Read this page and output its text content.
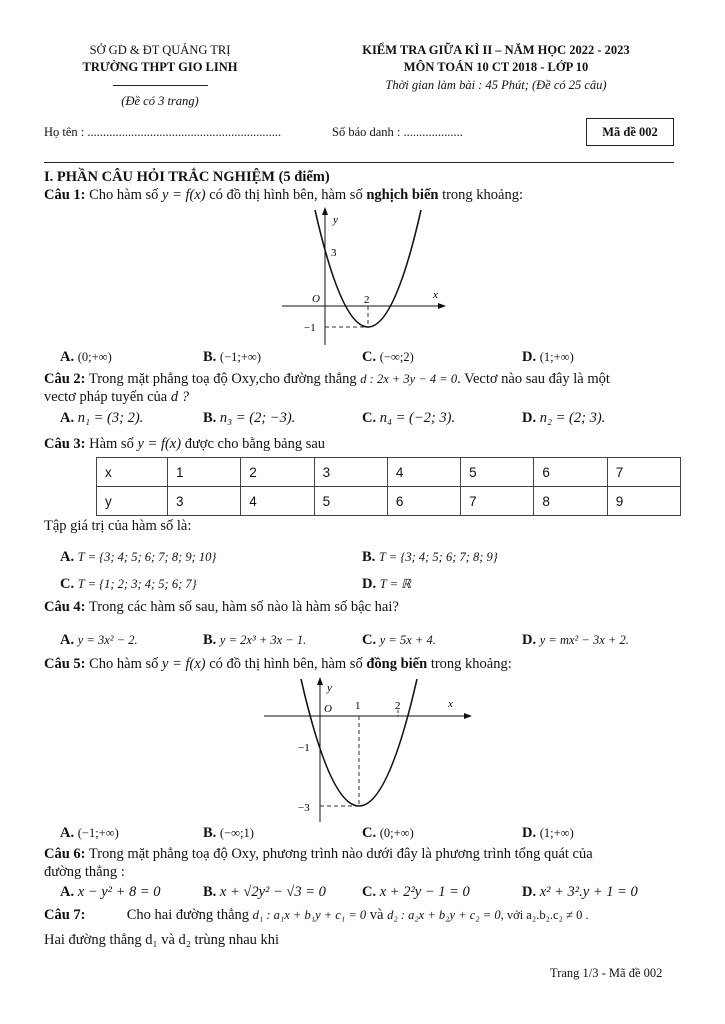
SỞ GD & ĐT QUẢNG TRỊ
TRƯỜNG THPT GIO LINH
(Đề có 3 trang)
KIỂM TRA GIỮA KÌ II – NĂM HỌC 2022 - 2023
MÔN TOÁN 10 CT 2018 - LỚP 10
Thời gian làm bài : 45 Phút; (Đề có 25 câu)
Họ tên : ..............................................................	Số báo danh : ...................	Mã đề 002
I. PHẦN CÂU HỎI TRẮC NGHIỆM (5 điểm)
Câu 1: Cho hàm số y = f(x) có đồ thị hình bên, hàm số nghịch biến trong khoảng:
y
x
O
3
2
−1
A. (0;+∞)	B. (−1;+∞)	C. (−∞;2)	D. (1;+∞)
Câu 2: Trong mặt phẳng toạ độ Oxy,cho đường thẳng d : 2x + 3y − 4 = 0. Vectơ nào sau đây là một
vectơ pháp tuyến của d ?
A. n₁ = (3; 2).	B. n₃ = (2; −3).	C. n₄ = (−2; 3).	D. n₂ = (2; 3).
Câu 3: Hàm số y = f(x) được cho bằng bảng sau
x	1	2	3	4	5	6	7
y	3	4	5	6	7	8	9
Tập giá trị của hàm số là:
A. T = {3; 4; 5; 6; 7; 8; 9; 10}	B. T = {3; 4; 5; 6; 7; 8; 9}
C. T = {1; 2; 3; 4; 5; 6; 7}	D. T = ℝ
Câu 4: Trong các hàm số sau, hàm số nào là hàm số bậc hai?
A. y = 3x² − 2.	B. y = 2x³ + 3x − 1.	C. y = 5x + 4.	D. y = mx² − 3x + 2.
Câu 5: Cho hàm số y = f(x) có đồ thị hình bên, hàm số đồng biến trong khoảng:
y
x
O 1	2
−1
−3
A. (−1;+∞)	B. (−∞;1)	C. (0;+∞)	D. (1;+∞)
Câu 6: Trong mặt phẳng toạ độ Oxy, phương trình nào dưới đây là phương trình tổng quát của
đường thẳng :
A. x − y² + 8 = 0	B. x + √2y² − √3 = 0 C. x + 2²y − 1 = 0	D. x² + 3².y + 1 = 0
Câu 7:	Cho hai đường thẳng d₁ : a₁x + b₁y + c₁ = 0 và d₂ : a₂x + b₂y + c₂ = 0, với a₂.b₂.c₂ ≠ 0 .
Hai đường thẳng d₁ và d₂ trùng nhau khi
Trang 1/3 - Mã đề 002
